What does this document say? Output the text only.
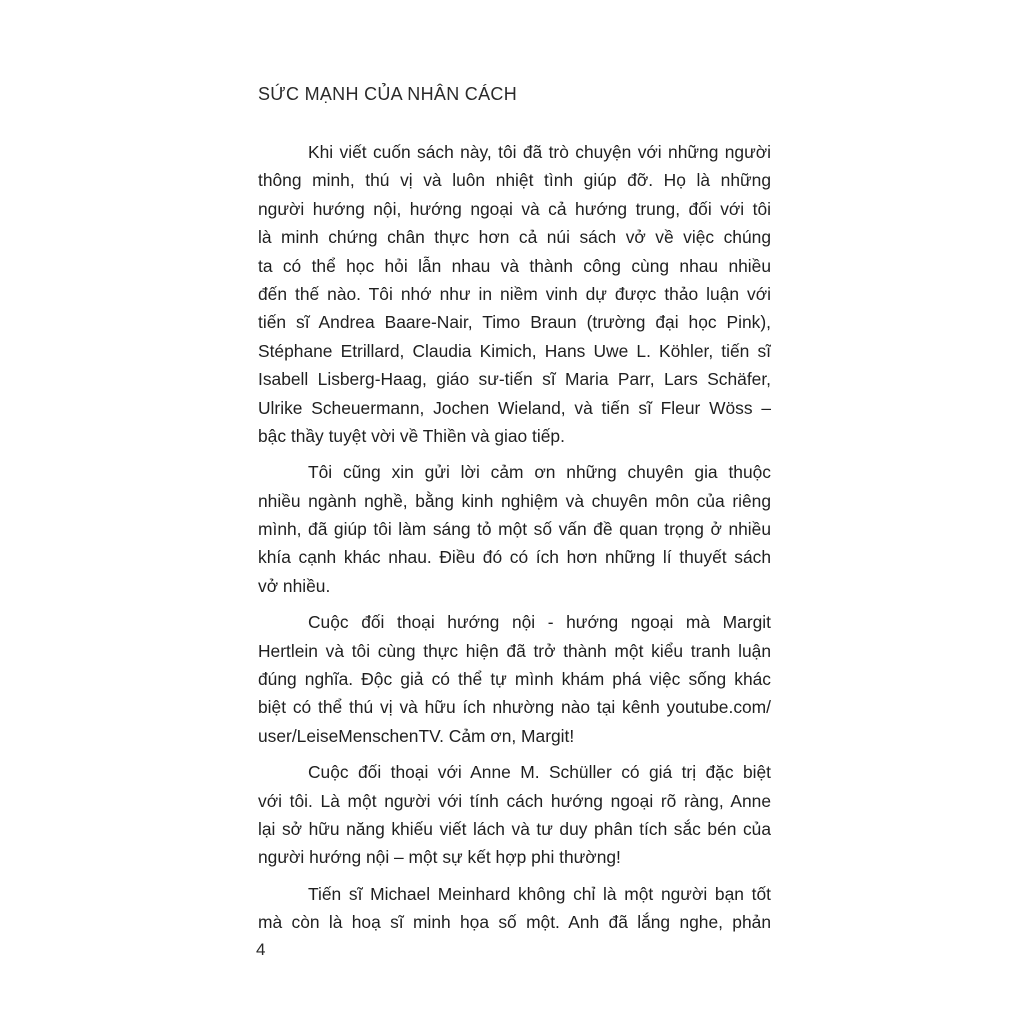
SỨC MẠNH CỦA NHÂN CÁCH
Khi viết cuốn sách này, tôi đã trò chuyện với những người
thông minh, thú vị và luôn nhiệt tình giúp đỡ. Họ là những
người hướng nội, hướng ngoại và cả hướng trung, đối với tôi
là minh chứng chân thực hơn cả núi sách vở về việc chúng
ta có thể học hỏi lẫn nhau và thành công cùng nhau nhiều
đến thế nào. Tôi nhớ như in niềm vinh dự được thảo luận với
tiến sĩ Andrea Baare-Nair, Timo Braun (trường đại học Pink),
Stéphane Etrillard, Claudia Kimich, Hans Uwe L. Köhler, tiến sĩ
Isabell Lisberg-Haag, giáo sư-tiến sĩ Maria Parr, Lars Schäfer,
Ulrike Scheuermann, Jochen Wieland, và tiến sĩ Fleur Wöss –
bậc thầy tuyệt vời về Thiền và giao tiếp.
Tôi cũng xin gửi lời cảm ơn những chuyên gia thuộc
nhiều ngành nghề, bằng kinh nghiệm và chuyên môn của riêng
mình, đã giúp tôi làm sáng tỏ một số vấn đề quan trọng ở nhiều
khía cạnh khác nhau. Điều đó có ích hơn những lí thuyết sách
vở nhiều.
Cuộc đối thoại hướng nội - hướng ngoại mà Margit
Hertlein và tôi cùng thực hiện đã trở thành một kiểu tranh luận
đúng nghĩa. Độc giả có thể tự mình khám phá việc sống khác
biệt có thể thú vị và hữu ích nhường nào tại kênh youtube.com/
user/LeiseMenschenTV. Cảm ơn, Margit!
Cuộc đối thoại với Anne M. Schüller có giá trị đặc biệt
với tôi. Là một người với tính cách hướng ngoại rõ ràng, Anne
lại sở hữu năng khiếu viết lách và tư duy phân tích sắc bén của
người hướng nội – một sự kết hợp phi thường!
Tiến sĩ Michael Meinhard không chỉ là một người bạn tốt
mà còn là hoạ sĩ minh họa số một. Anh đã lắng nghe, phản
4
